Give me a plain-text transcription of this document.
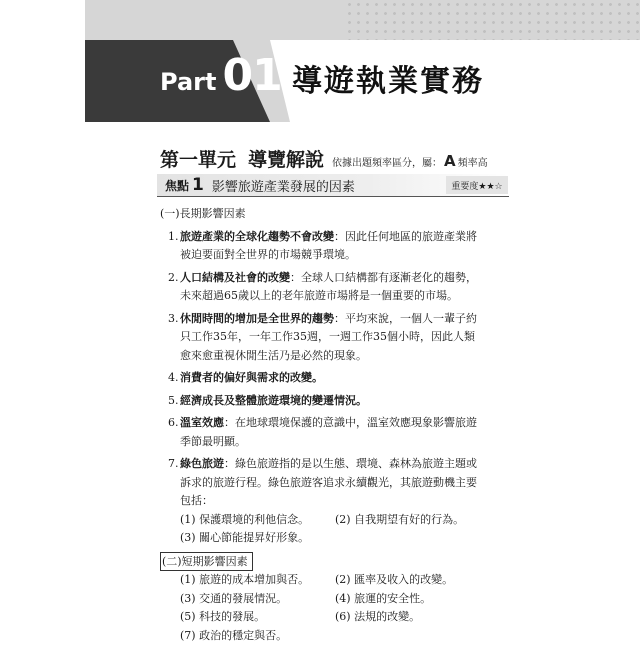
Part 01 導遊執業實務
第一單元 導覽解說 依據出題頻率區分，屬： A 頻率高
焦點 1 影響旅遊產業發展的因素	重要度★★☆
(一)長期影響因素
1. 旅遊產業的全球化趨勢不會改變：因此任何地區的旅遊產業將被迫要面對全世界的市場競爭環境。
2. 人口結構及社會的改變：全球人口結構都有逐漸老化的趨勢，未來超過65歲以上的老年旅遊市場將是一個重要的市場。
3. 休閒時間的增加是全世界的趨勢：平均來說，一個人一輩子約只工作35年，一年工作35週，一週工作35個小時，因此人類愈來愈重視休閒生活乃是必然的現象。
4. 消費者的偏好與需求的改變。
5. 經濟成長及整體旅遊環境的變遷情況。
6. 溫室效應：在地球環境保護的意識中，溫室效應現象影響旅遊季節最明顯。
7. 綠色旅遊：綠色旅遊指的是以生態、環境、森林為旅遊主題或訴求的旅遊行程。綠色旅遊客追求永續觀光，其旅遊動機主要包括：
(1) 保護環境的利他信念。	(2) 自我期望有好的行為。
(3) 關心節能提昇好形象。
(二)短期影響因素
(1) 旅遊的成本增加與否。	(2) 匯率及收入的改變。
(3) 交通的發展情況。	(4) 旅運的安全性。
(5) 科技的發展。	(6) 法規的改變。
(7) 政治的穩定與否。
